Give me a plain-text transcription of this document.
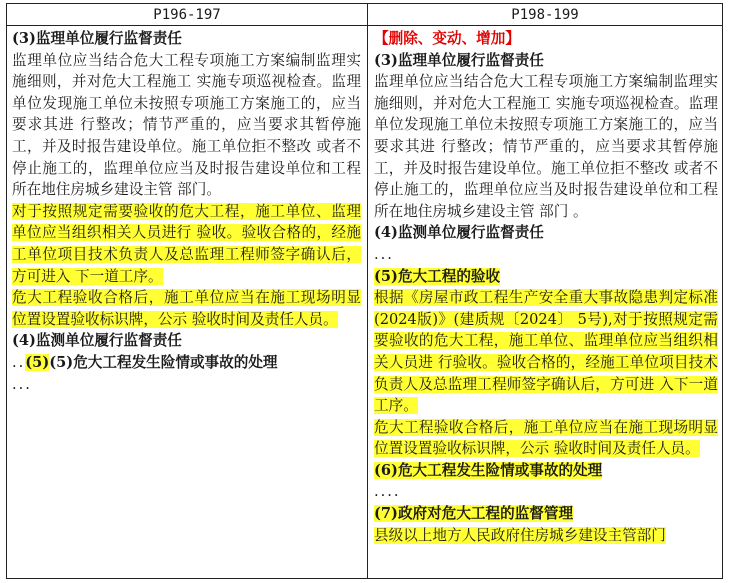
P196-197	P198-199

(3)监理单位履行监督责任

监理单位应当结合危大工程专项施工方案编制监理实施细则，并对危大工程施工 实施专项巡视检查。监理单位发现施工单位未按照专项施工方案施工的，应当要求其进 行整改；情节严重的，应当要求其暂停施工，并及时报告建设单位。施工单位拒不整改 或者不停止施工的，监理单位应当及时报告建设单位和工程所在地住房城乡建设主管 部门。

对于按照规定需要验收的危大工程，施工单位、监理单位应当组织相关人员进行 验收。验收合格的，经施工单位项目技术负责人及总监理工程师签字确认后，方可进入 下一道工序。

危大工程验收合格后，施工单位应当在施工现场明显位置设置验收标识牌，公示 验收时间及责任人员。

(4)监测单位履行监督责任

..(5)(5)危大工程发生险情或事故的处理

...

【删除、变动、增加】

(3)监理单位履行监督责任

监理单位应当结合危大工程专项施工方案编制监理实施细则，并对危大工程施工 实施专项巡视检查。监理单位发现施工单位未按照专项施工方案施工的，应当要求其进 行整改；情节严重的，应当要求其暂停施工，并及时报告建设单位。施工单位拒不整改 或者不停止施工的，监理单位应当及时报告建设单位和工程所在地住房城乡建设主管 部门 。

(4)监测单位履行监督责任

...

(5)危大工程的验收

根据《房屋市政工程生产安全重大事故隐患判定标准(2024版)》(建质规〔2024〕 5号),对于按照规定需要验收的危大工程，施工单位、监理单位应当组织相关人员进 行验收。验收合格的，经施工单位项目技术负责人及总监理工程师签字确认后，方可进 入下一道工序。

危大工程验收合格后，施工单位应当在施工现场明显位置设置验收标识牌，公示 验收时间及责任人员。

(6)危大工程发生险情或事故的处理

....

(7)政府对危大工程的监督管理

县级以上地方人民政府住房城乡建设主管部门
